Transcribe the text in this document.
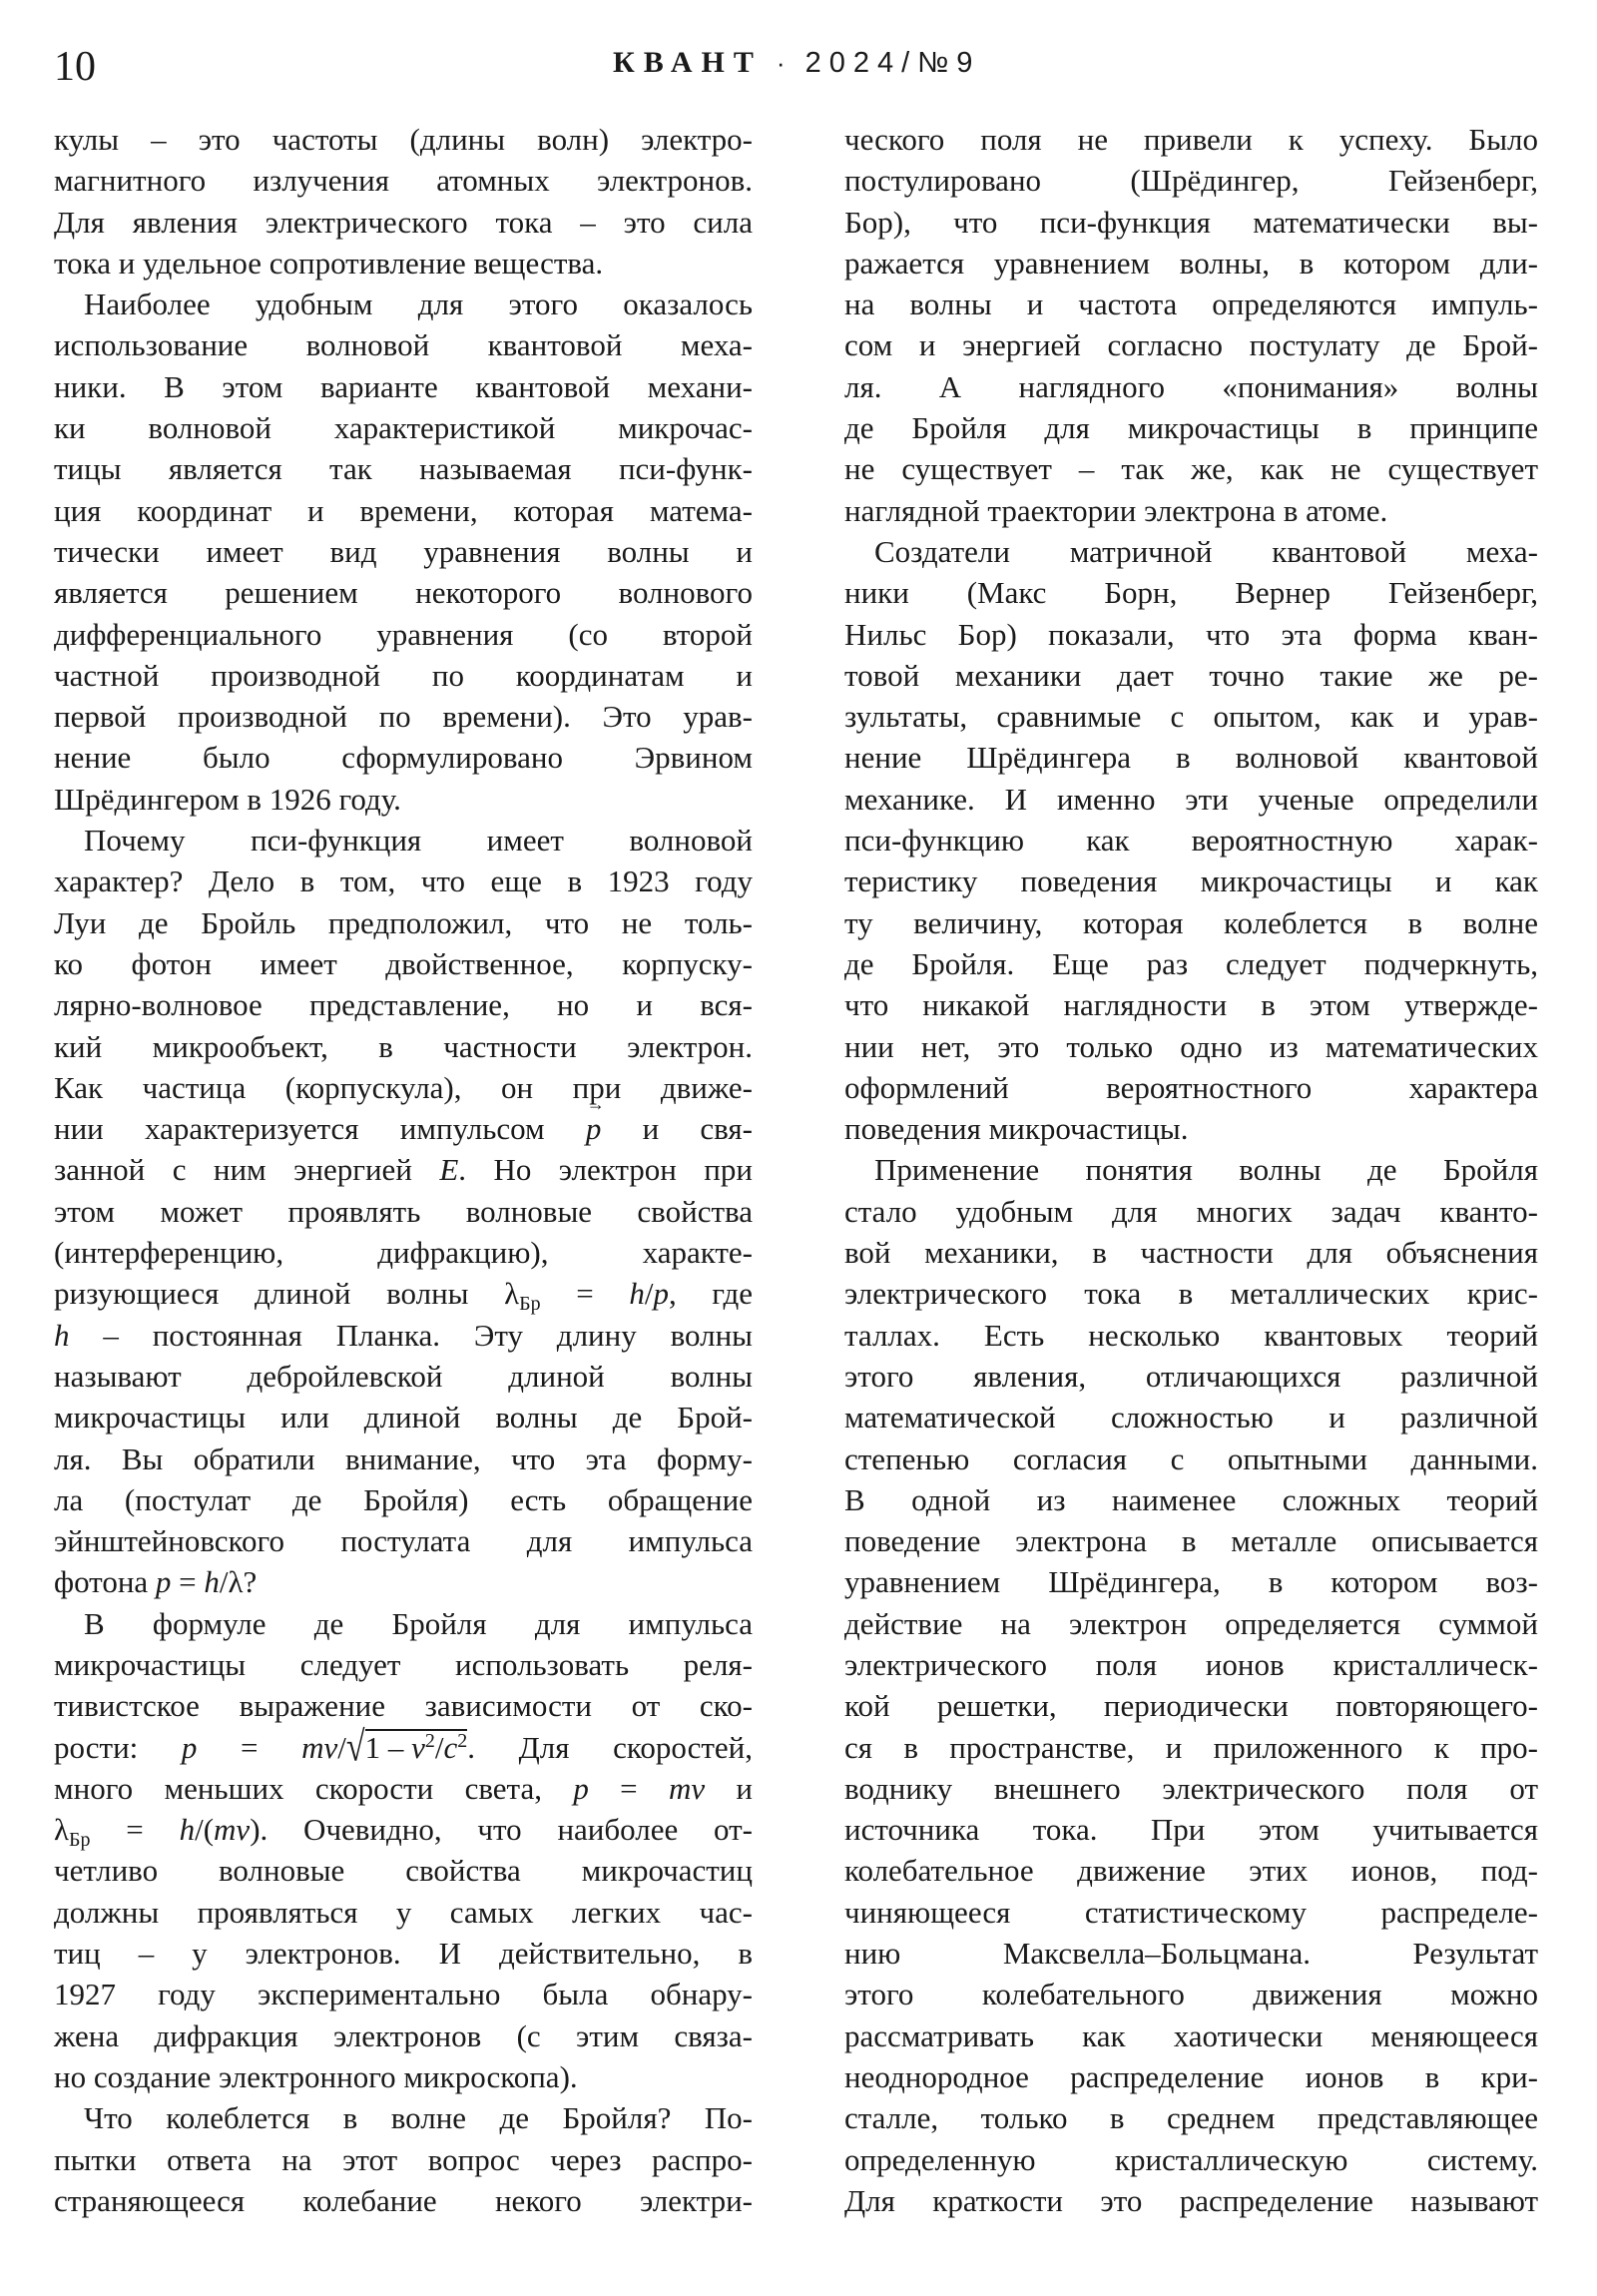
10	КВАНТ · 2024/№9
кулы – это частоты (длины волн) электро-
магнитного излучения атомных электронов.
Для явления электрического тока – это сила
тока и удельное сопротивление вещества.
Наиболее удобным для этого оказалось
использование волновой квантовой меха-
ники. В этом варианте квантовой механи-
ки волновой характеристикой микрочас-
тицы является так называемая пси-функ-
ция координат и времени, которая матема-
тически имеет вид уравнения волны и
является решением некоторого волнового
дифференциального уравнения (со второй
частной производной по координатам и
первой производной по времени). Это урав-
нение было сформулировано Эрвином
Шрёдингером в 1926 году.
Почему пси-функция имеет волновой
характер? Дело в том, что еще в 1923 году
Луи де Бройль предположил, что не толь-
ко фотон имеет двойственное, корпуску-
лярно-волновое представление, но и вся-
кий микрообъект, в частности электрон.
Как частица (корпускула), он при движе-
нии характеризуется импульсом → p и свя-
занной с ним энергией E. Но электрон при
этом может проявлять волновые свойства
(интерференцию, дифракцию), характе-
ризующиеся длиной волны λБр = h/p, где
h – постоянная Планка. Эту длину волны
называют дебройлевской длиной волны
микрочастицы или длиной волны де Брой-
ля. Вы обратили внимание, что эта форму-
ла (постулат де Бройля) есть обращение
эйнштейновского постулата для импульса
фотона p = h/λ?
В формуле де Бройля для импульса
микрочастицы следует использовать реля-
тивистское выражение зависимости от ско-
рости: $p = mv/√1 - v^2/c^2$. Для скоростей,
много меньших скорости света, p = mv и
λБр = h/(mv). Очевидно, что наиболее от-
четливо волновые свойства микрочастиц
должны проявляться у самых легких час-
тиц – у электронов. И действительно, в
1927 году экспериментально была обнару-
жена дифракция электронов (с этим связа-
но создание электронного микроскопа).
Что колеблется в волне де Бройля? По-
пытки ответа на этот вопрос через распро-
страняющееся колебание некого электри-
ческого поля не привели к успеху. Было
постулировано (Шрёдингер, Гейзенберг,
Бор), что пси-функция математически вы-
ражается уравнением волны, в котором дли-
на волны и частота определяются импуль-
сом и энергией согласно постулату де Брой-
ля. А наглядного «понимания» волны
де Бройля для микрочастицы в принципе
не существует – так же, как не существует
наглядной траектории электрона в атоме.
Создатели матричной квантовой меха-
ники (Макс Борн, Вернер Гейзенберг,
Нильс Бор) показали, что эта форма кван-
товой механики дает точно такие же ре-
зультаты, сравнимые с опытом, как и урав-
нение Шрёдингера в волновой квантовой
механике. И именно эти ученые определили
пси-функцию как вероятностную харак-
теристику поведения микрочастицы и как
ту величину, которая колеблется в волне
де Бройля. Еще раз следует подчеркнуть,
что никакой наглядности в этом утвержде-
нии нет, это только одно из математических
оформлений вероятностного характера
поведения микрочастицы.
Применение понятия волны де Бройля
стало удобным для многих задач кванто-
вой механики, в частности для объяснения
электрического тока в металлических крис-
таллах. Есть несколько квантовых теорий
этого явления, отличающихся различной
математической сложностью и различной
степенью согласия с опытными данными.
В одной из наименее сложных теорий
поведение электрона в металле описывается
уравнением Шрёдингера, в котором воз-
действие на электрон определяется суммой
электрического поля ионов кристаллическ-
кой решетки, периодически повторяющего-
ся в пространстве, и приложенного к про-
воднику внешнего электрического поля от
источника тока. При этом учитывается
колебательное движение этих ионов, под-
чиняющееся статистическому распределе-
нию Максвелла–Больцмана. Результат
этого колебательного движения можно
рассматривать как хаотически меняющееся
неоднородное распределение ионов в кри-
сталле, только в среднем представляющее
определенную кристаллическую систему.
Для краткости это распределение называют
